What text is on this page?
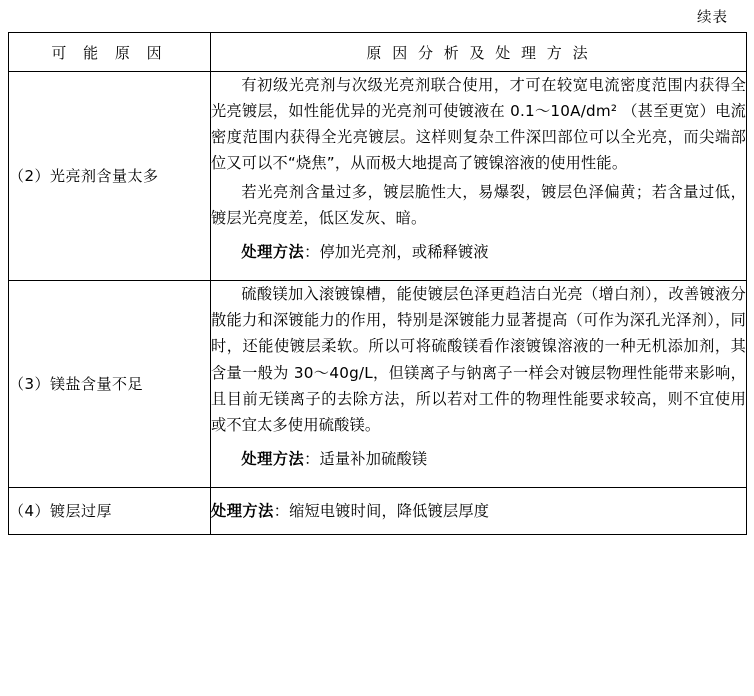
续表
可 能 原 因	原 因 分 析 及 处 理 方 法
（2）光亮剂含量太多	有初级光亮剂与次级光亮剂联合使用，才可在较宽电流密度范围内获得全光亮镀层，如性能优异的光亮剂可使镀液在 0.1～10A/dm² （甚至更宽）电流密度范围内获得全光亮镀层。这样则复杂工件深凹部位可以全光亮，而尖端部位又可以不“烧焦”，从而极大地提高了镀镍溶液的使用性能。

若光亮剂含量过多，镀层脆性大，易爆裂，镀层色泽偏黄；若含量过低，镀层光亮度差，低区发灰、暗。

处理方法：停加光亮剂，或稀释镀液

（3）镁盐含量不足	硫酸镁加入滚镀镍槽，能使镀层色泽更趋洁白光亮（增白剂），改善镀液分散能力和深镀能力的作用，特别是深镀能力显著提高（可作为深孔光泽剂），同时，还能使镀层柔软。所以可将硫酸镁看作滚镀镍溶液的一种无机添加剂，其含量一般为 30～40g/L，但镁离子与钠离子一样会对镀层物理性能带来影响，且目前无镁离子的去除方法，所以若对工件的物理性能要求较高，则不宜使用或不宜太多使用硫酸镁。

处理方法：适量补加硫酸镁

（4）镀层过厚	处理方法：缩短电镀时间，降低镀层厚度
